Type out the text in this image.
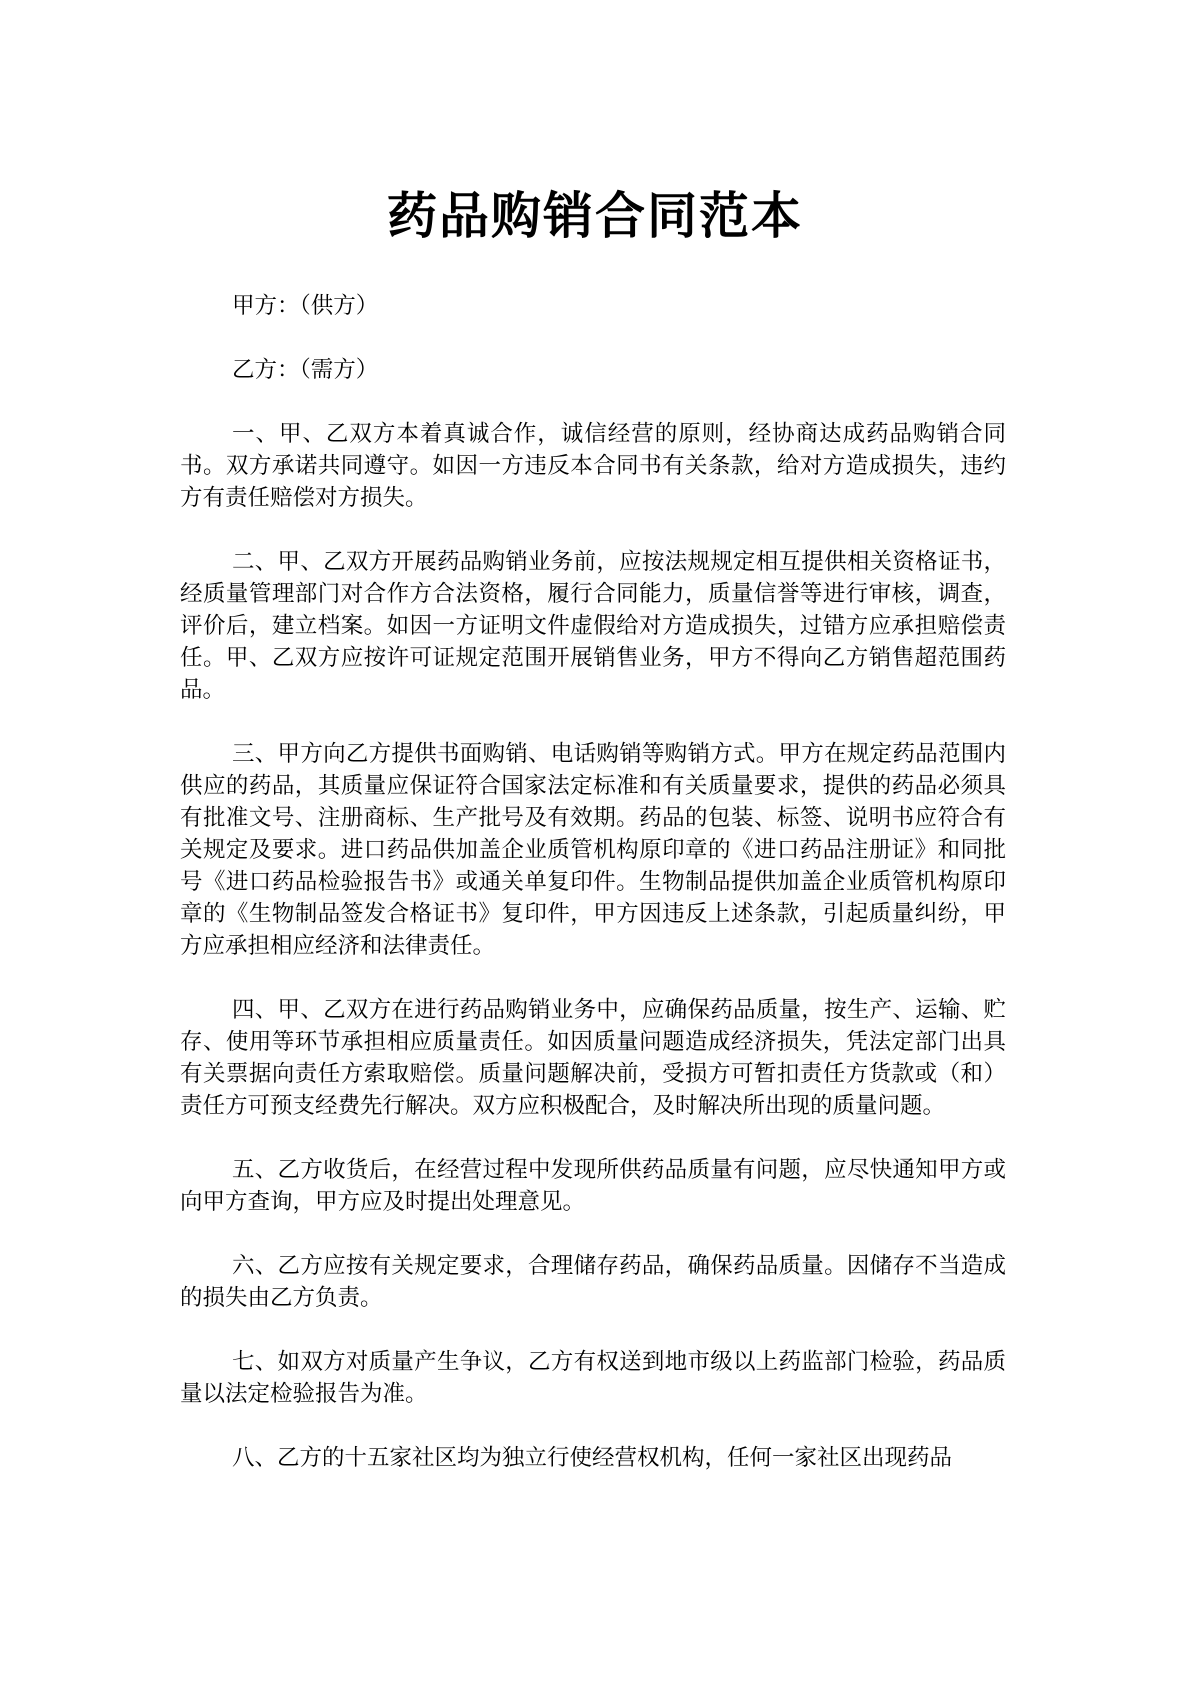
药品购销合同范本

甲方：（供方）

乙方：（需方）

一、甲、乙双方本着真诚合作，诚信经营的原则，经协商达成药品购销合同书。双方承诺共同遵守。如因一方违反本合同书有关条款，给对方造成损失，违约方有责任赔偿对方损失。

二、甲、乙双方开展药品购销业务前，应按法规规定相互提供相关资格证书，经质量管理部门对合作方合法资格，履行合同能力，质量信誉等进行审核，调查，评价后，建立档案。如因一方证明文件虚假给对方造成损失，过错方应承担赔偿责任。甲、乙双方应按许可证规定范围开展销售业务，甲方不得向乙方销售超范围药品。

三、甲方向乙方提供书面购销、电话购销等购销方式。甲方在规定药品范围内供应的药品，其质量应保证符合国家法定标准和有关质量要求，提供的药品必须具有批准文号、注册商标、生产批号及有效期。药品的包装、标签、说明书应符合有关规定及要求。进口药品供加盖企业质管机构原印章的《进口药品注册证》和同批号《进口药品检验报告书》或通关单复印件。生物制品提供加盖企业质管机构原印章的《生物制品签发合格证书》复印件，甲方因违反上述条款，引起质量纠纷，甲方应承担相应经济和法律责任。

四、甲、乙双方在进行药品购销业务中，应确保药品质量，按生产、运输、贮存、使用等环节承担相应质量责任。如因质量问题造成经济损失，凭法定部门出具有关票据向责任方索取赔偿。质量问题解决前，受损方可暂扣责任方货款或（和）责任方可预支经费先行解决。双方应积极配合，及时解决所出现的质量问题。

五、乙方收货后，在经营过程中发现所供药品质量有问题，应尽快通知甲方或向甲方查询，甲方应及时提出处理意见。

六、乙方应按有关规定要求，合理储存药品，确保药品质量。因储存不当造成的损失由乙方负责。

七、如双方对质量产生争议，乙方有权送到地市级以上药监部门检验，药品质量以法定检验报告为准。

八、乙方的十五家社区均为独立行使经营权机构，任何一家社区出现药品
